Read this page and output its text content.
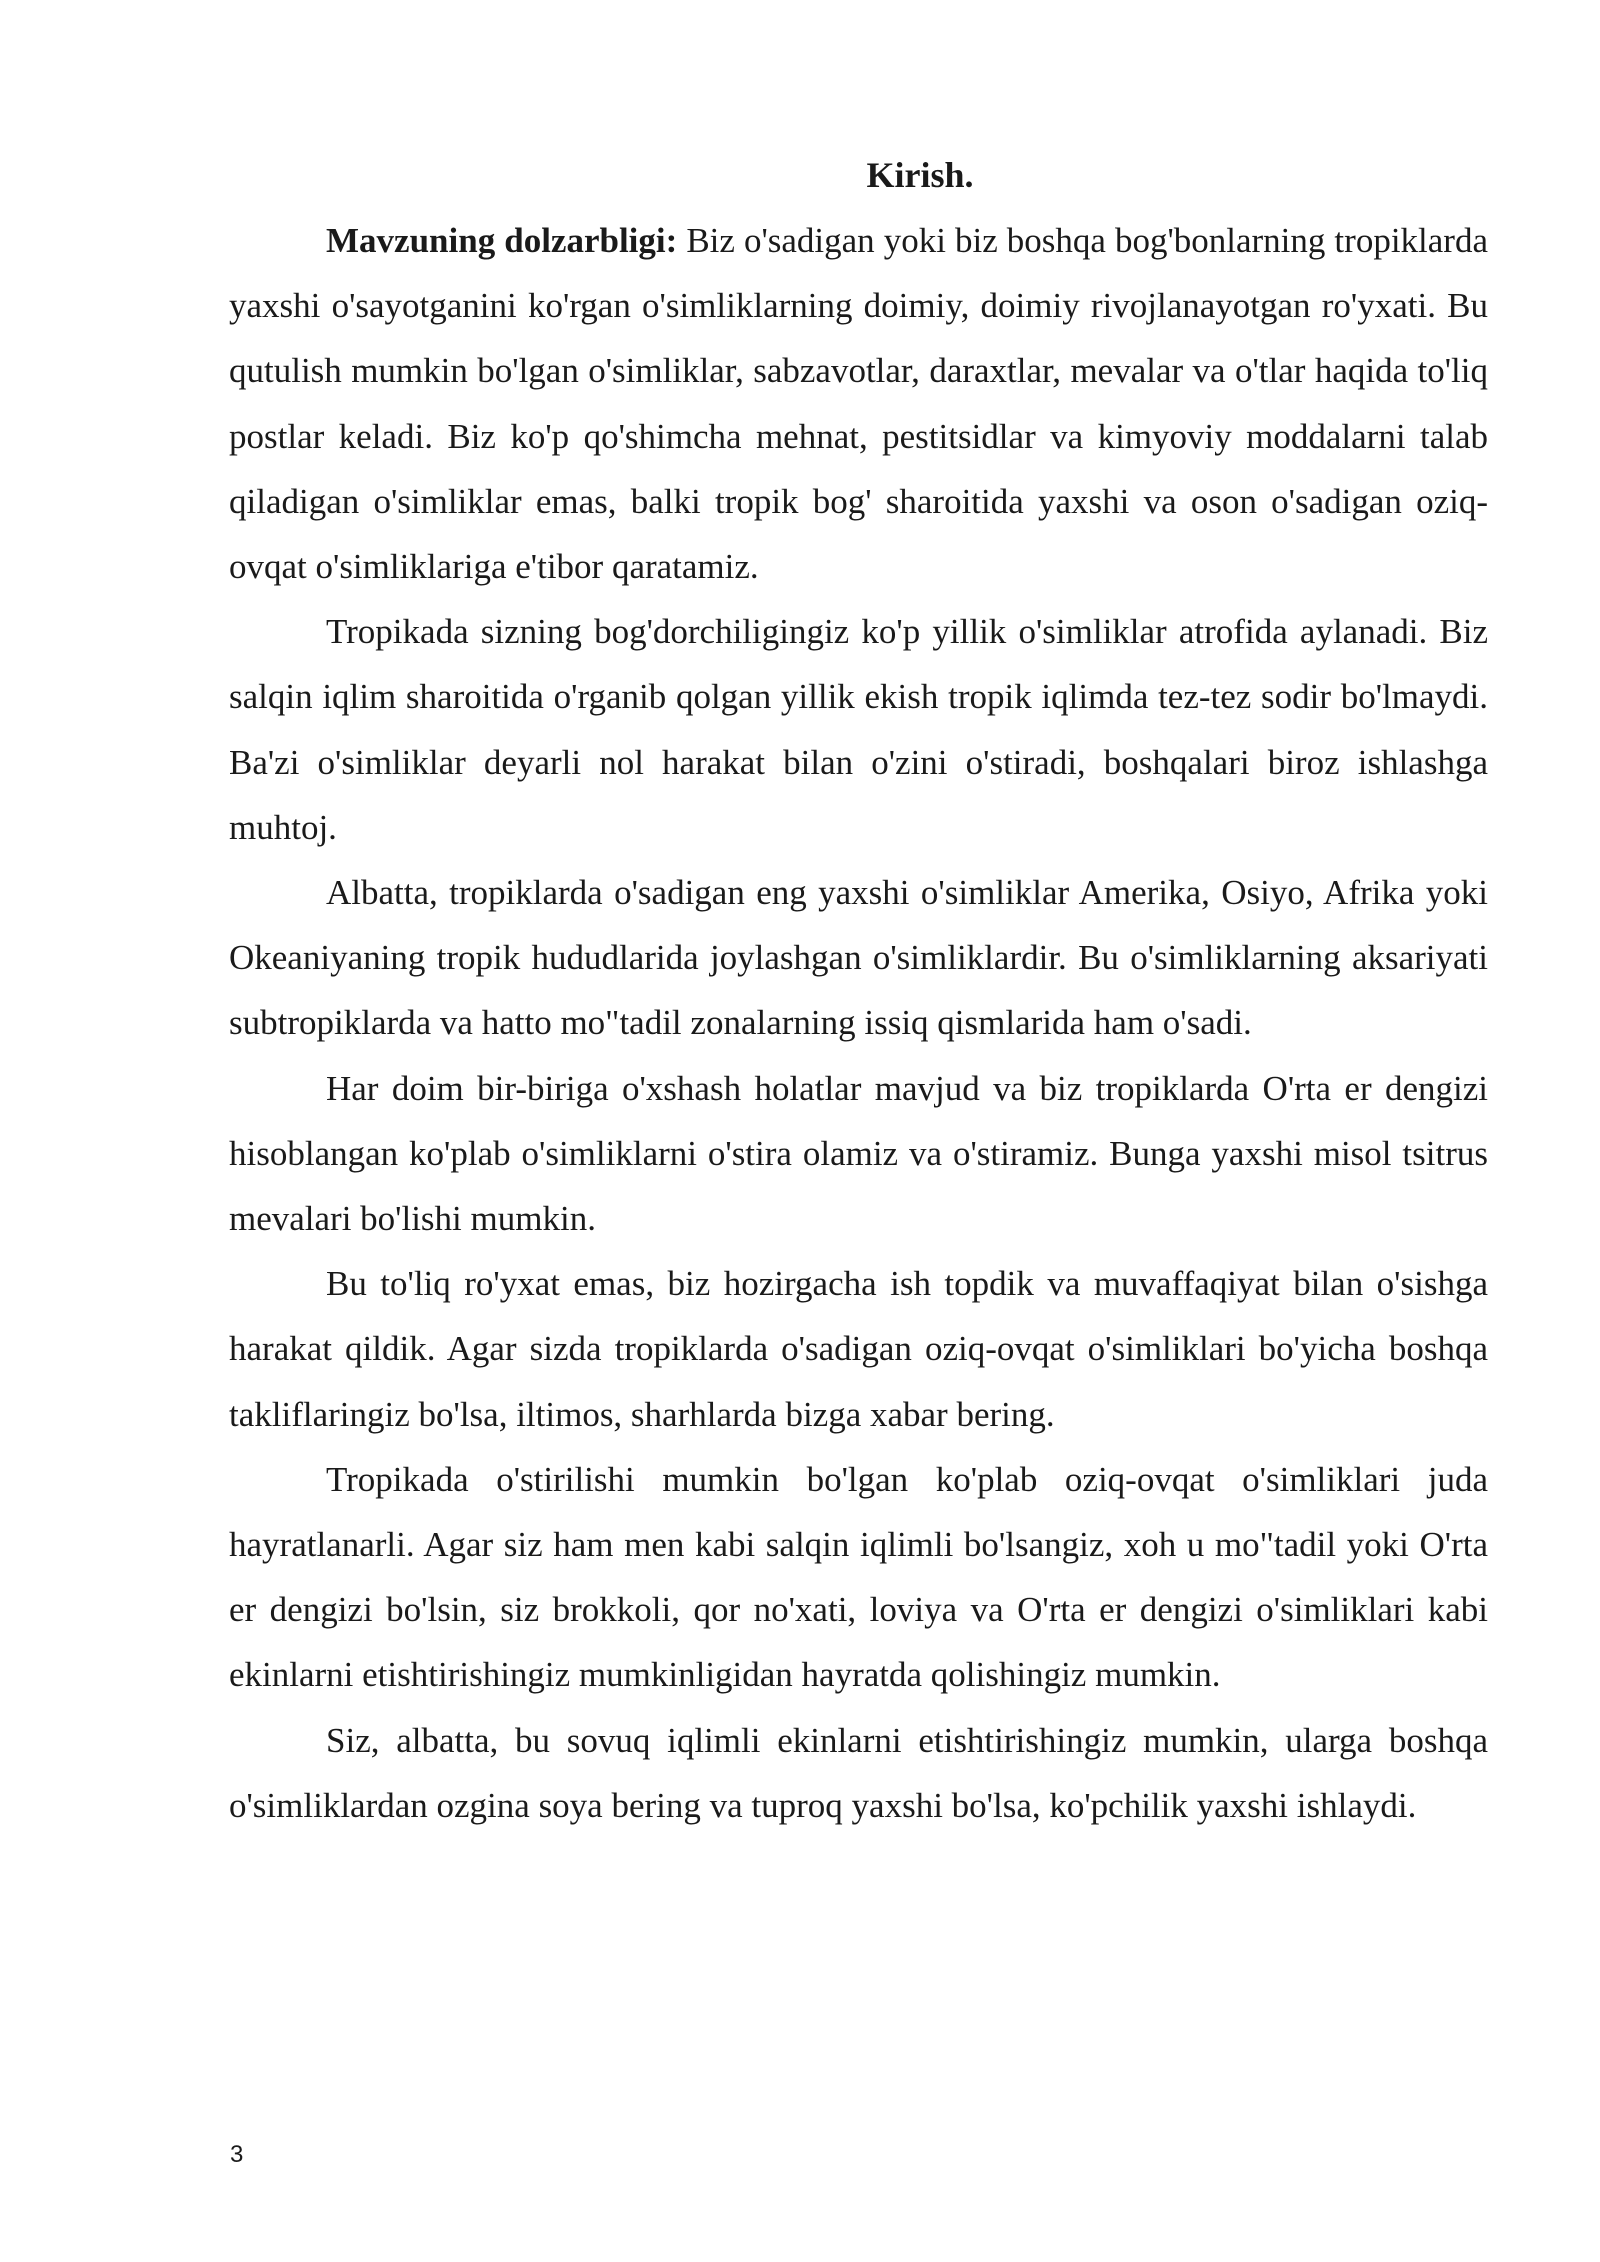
Kirish.

Mavzuning dolzarbligi: Biz o'sadigan yoki biz boshqa bog'bonlarning tropiklarda yaxshi o'sayotganini ko'rgan o'simliklarning doimiy, doimiy rivojlanayotgan ro'yxati. Bu qutulish mumkin bo'lgan o'simliklar, sabzavotlar, daraxtlar, mevalar va o'tlar haqida to'liq postlar keladi. Biz ko'p qo'shimcha mehnat, pestitsidlar va kimyoviy moddalarni talab qiladigan o'simliklar emas, balki tropik bog' sharoitida yaxshi va oson o'sadigan oziq-ovqat o'simliklariga e'tibor qaratamiz.

Tropikada sizning bog'dorchiligingiz ko'p yillik o'simliklar atrofida aylanadi. Biz salqin iqlim sharoitida o'rganib qolgan yillik ekish tropik iqlimda tez-tez sodir bo'lmaydi. Ba'zi o'simliklar deyarli nol harakat bilan o'zini o'stiradi, boshqalari biroz ishlashga muhtoj.

Albatta, tropiklarda o'sadigan eng yaxshi o'simliklar Amerika, Osiyo, Afrika yoki Okeaniyaning tropik hududlarida joylashgan o'simliklardir. Bu o'simliklarning aksariyati subtropiklarda va hatto mo"tadil zonalarning issiq qismlarida ham o'sadi.

Har doim bir-biriga o'xshash holatlar mavjud va biz tropiklarda O'rta er dengizi hisoblangan ko'plab o'simliklarni o'stira olamiz va o'stiramiz. Bunga yaxshi misol tsitrus mevalari bo'lishi mumkin.

Bu to'liq ro'yxat emas, biz hozirgacha ish topdik va muvaffaqiyat bilan o'sishga harakat qildik. Agar sizda tropiklarda o'sadigan oziq-ovqat o'simliklari bo'yicha boshqa takliflaringiz bo'lsa, iltimos, sharhlarda bizga xabar bering.

Tropikada o'stirilishi mumkin bo'lgan ko'plab oziq-ovqat o'simliklari juda hayratlanarli. Agar siz ham men kabi salqin iqlimli bo'lsangiz, xoh u mo"tadil yoki O'rta er dengizi bo'lsin, siz brokkoli, qor no'xati, loviya va O'rta er dengizi o'simliklari kabi ekinlarni etishtirishingiz mumkinligidan hayratda qolishingiz mumkin.

Siz, albatta, bu sovuq iqlimli ekinlarni etishtirishingiz mumkin, ularga boshqa o'simliklardan ozgina soya bering va tuproq yaxshi bo'lsa, ko'pchilik yaxshi ishlaydi.

3
